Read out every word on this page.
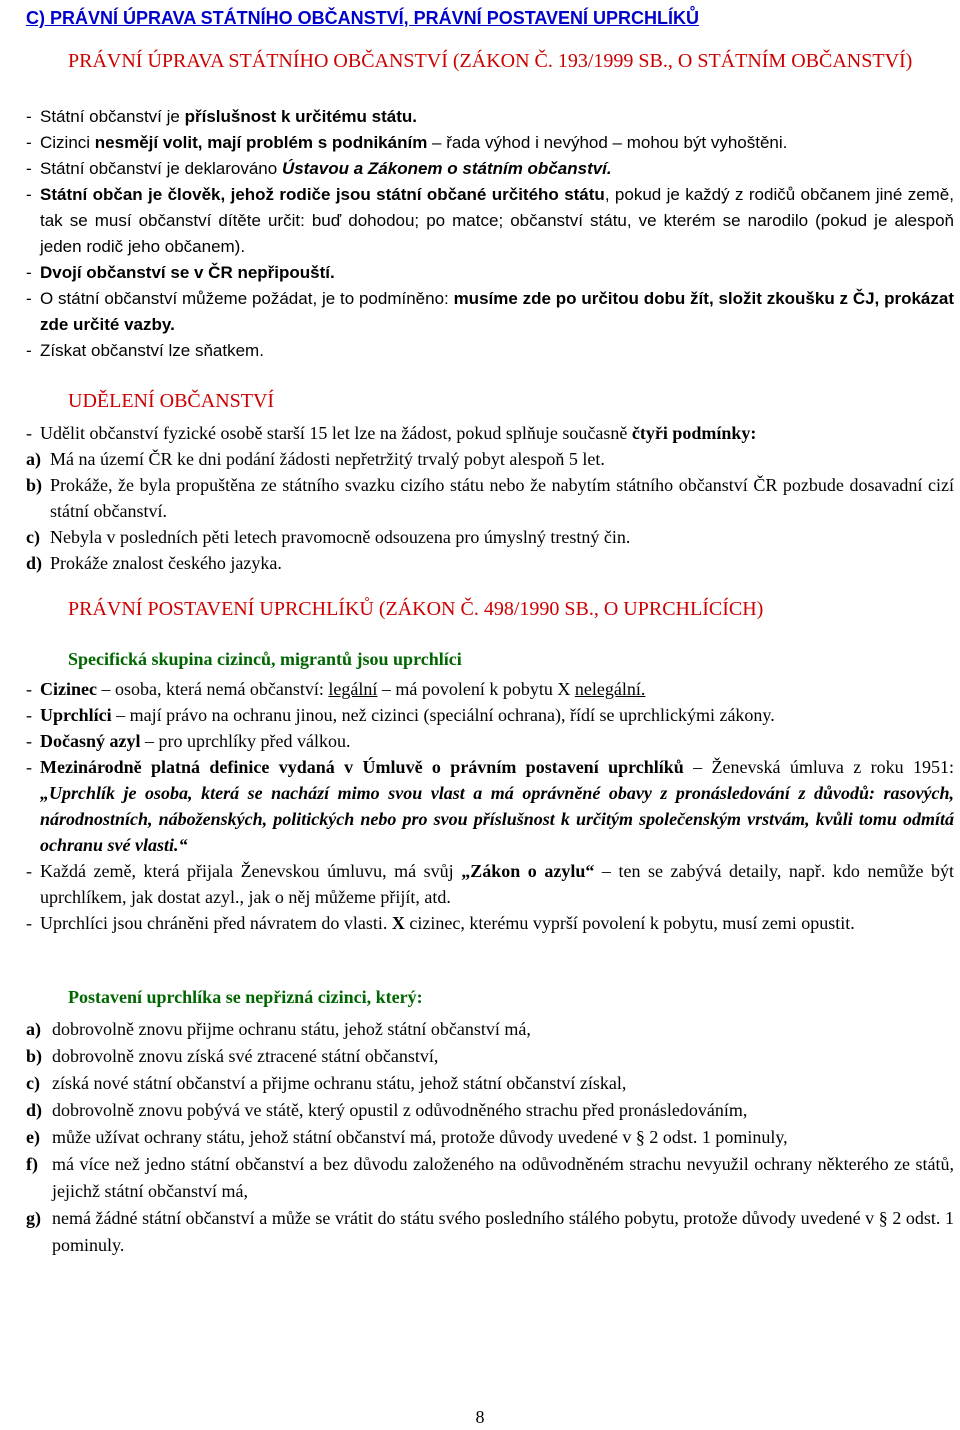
C) PRÁVNÍ ÚPRAVA STÁTNÍHO OBČANSTVÍ, PRÁVNÍ POSTAVENÍ UPRCHLÍKŮ
PRÁVNÍ ÚPRAVA STÁTNÍHO OBČANSTVÍ (ZÁKON Č. 193/1999 SB., O STÁTNÍM OBČANSTVÍ)
- Státní občanství je příslušnost k určitému státu.
- Cizinci nesmějí volit, mají problém s podnikáním – řada výhod i nevýhod – mohou být vyhoštěni.
- Státní občanství je deklarováno Ústavou a Zákonem o státním občanství.
- Státní občan je člověk, jehož rodiče jsou státní občané určitého státu, pokud je každý z rodičů občanem jiné země, tak se musí občanství dítěte určit: buď dohodou; po matce; občanství státu, ve kterém se narodilo (pokud je alespoň jeden rodič jeho občanem).
- Dvojí občanství se v ČR nepřipouští.
- O státní občanství můžeme požádat, je to podmíněno: musíme zde po určitou dobu žít, složit zkoušku z ČJ, prokázat zde určité vazby.
- Získat občanství lze sňatkem.
UDĚLENÍ OBČANSTVÍ
- Udělit občanství fyzické osobě starší 15 let lze na žádost, pokud splňuje současně čtyři podmínky:
a) Má na území ČR ke dni podání žádosti nepřetržitý trvalý pobyt alespoň 5 let.
b) Prokáže, že byla propuštěna ze státního svazku cizího státu nebo že nabytím státního občanství ČR pozbude dosavadní cizí státní občanství.
c) Nebyla v posledních pěti letech pravomocně odsouzena pro úmyslný trestný čin.
d) Prokáže znalost českého jazyka.
PRÁVNÍ POSTAVENÍ UPRCHLÍKŮ (ZÁKON Č. 498/1990 SB., O UPRCHLÍCÍCH)
Specifická skupina cizinců, migrantů jsou uprchlíci
- Cizinec – osoba, která nemá občanství: legální – má povolení k pobytu X nelegální.
- Uprchlíci – mají právo na ochranu jinou, než cizinci (speciální ochrana), řídí se uprchlickými zákony.
- Dočasný azyl – pro uprchlíky před válkou.
- Mezinárodně platná definice vydaná v Úmluvě o právním postavení uprchlíků – Ženevská úmluva z roku 1951: „Uprchlík je osoba, která se nachází mimo svou vlast a má oprávněné obavy z pronásledování z důvodů: rasových, národnostních, náboženských, politických nebo pro svou příslušnost k určitým společenským vrstvám, kvůli tomu odmítá ochranu své vlasti.“
- Každá země, která přijala Ženevskou úmluvu, má svůj „Zákon o azylu“ – ten se zabývá detaily, např. kdo nemůže být uprchlíkem, jak dostat azyl., jak o něj můžeme přijít, atd.
- Uprchlíci jsou chráněni před návratem do vlasti. X cizinec, kterému vyprší povolení k pobytu, musí zemi opustit.
Postavení uprchlíka se nepřizná cizinci, který:
a) dobrovolně znovu přijme ochranu státu, jehož státní občanství má,
b) dobrovolně znovu získá své ztracené státní občanství,
c) získá nové státní občanství a přijme ochranu státu, jehož státní občanství získal,
d) dobrovolně znovu pobývá ve státě, který opustil z odůvodněného strachu před pronásledováním,
e) může užívat ochrany státu, jehož státní občanství má, protože důvody uvedené v § 2 odst. 1 pominuly,
f) má více než jedno státní občanství a bez důvodu založeného na odůvodněném strachu nevyužil ochrany některého ze států, jejichž státní občanství má,
g) nemá žádné státní občanství a může se vrátit do státu svého posledního stálého pobytu, protože důvody uvedené v § 2 odst. 1 pominuly.
8
